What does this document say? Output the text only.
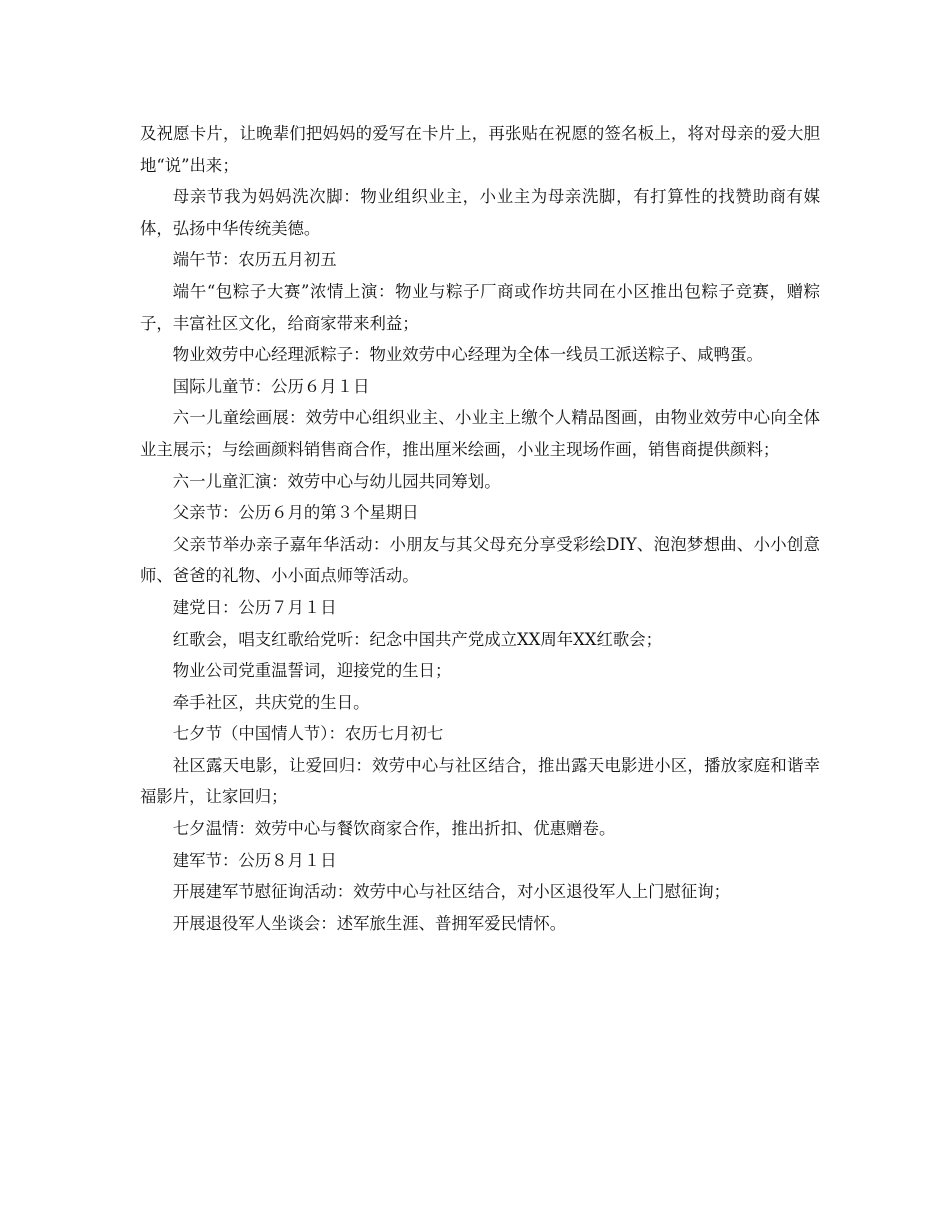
及祝愿卡片，让晚辈们把妈妈的爱写在卡片上，再张贴在祝愿的签名板上，将对母亲的爱大胆地“说”出来；

母亲节我为妈妈洗次脚：物业组织业主，小业主为母亲洗脚，有打算性的找赞助商有媒体，弘扬中华传统美德。

端午节：农历五月初五

端午“包粽子大赛”浓情上演：物业与粽子厂商或作坊共同在小区推出包粽子竞赛，赠粽子，丰富社区文化，给商家带来利益；

物业效劳中心经理派粽子：物业效劳中心经理为全体一线员工派送粽子、咸鸭蛋。

国际儿童节：公历６月１日

六一儿童绘画展：效劳中心组织业主、小业主上缴个人精品图画，由物业效劳中心向全体业主展示；与绘画颜料销售商合作，推出厘米绘画，小业主现场作画，销售商提供颜料；

六一儿童汇演：效劳中心与幼儿园共同筹划。

父亲节：公历６月的第３个星期日

父亲节举办亲子嘉年华活动：小朋友与其父母充分享受彩绘DIY、泡泡梦想曲、小小创意师、爸爸的礼物、小小面点师等活动。

建党日：公历７月１日

红歌会，唱支红歌给党听：纪念中国共产党成立XX周年XX红歌会；

物业公司党重温誓词，迎接党的生日；

牵手社区，共庆党的生日。

七夕节（中国情人节）：农历七月初七

社区露天电影，让爱回归：效劳中心与社区结合，推出露天电影进小区，播放家庭和谐幸福影片，让家回归；

七夕温情：效劳中心与餐饮商家合作，推出折扣、优惠赠卷。

建军节：公历８月１日

开展建军节慰征询活动：效劳中心与社区结合，对小区退役军人上门慰征询；

开展退役军人坐谈会：述军旅生涯、普拥军爱民情怀。
